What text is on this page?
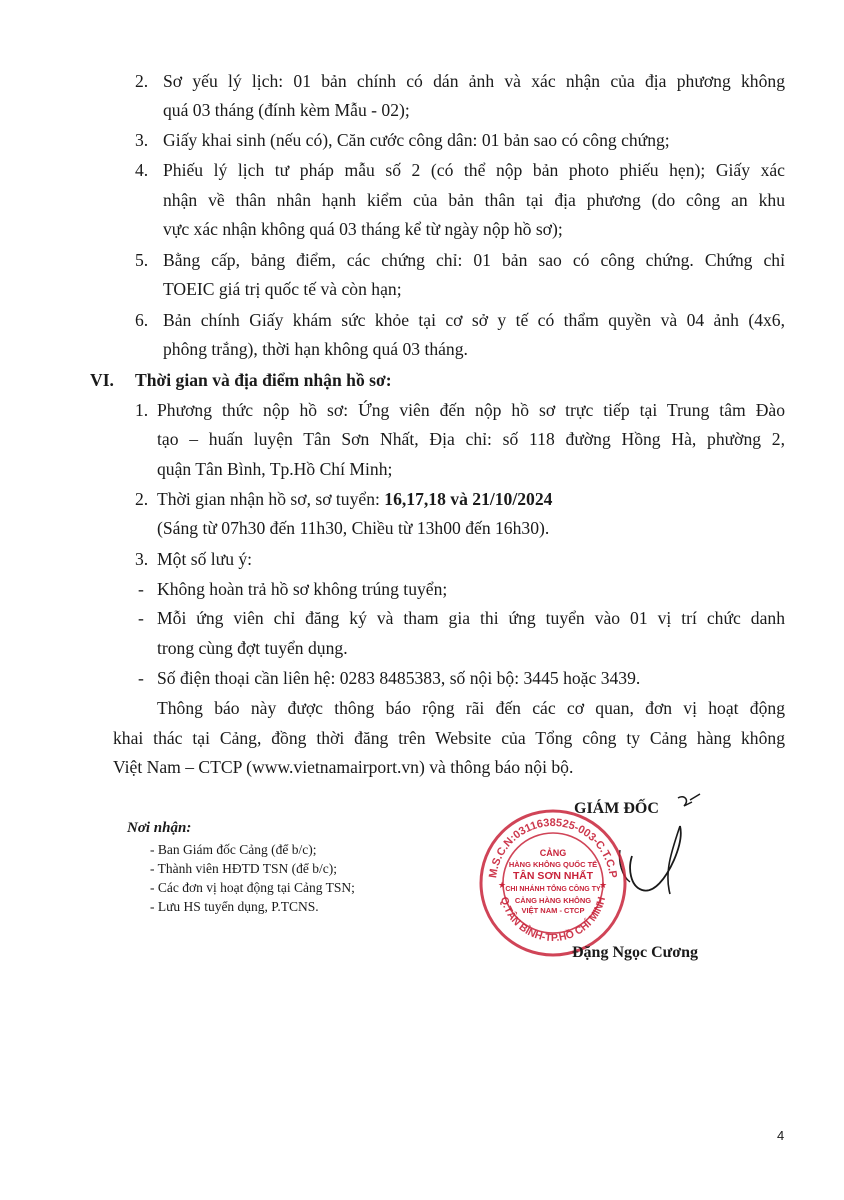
2. Sơ yếu lý lịch: 01 bản chính có dán ảnh và xác nhận của địa phương không
quá 03 tháng (đính kèm Mẫu - 02);
3. Giấy khai sinh (nếu có), Căn cước công dân: 01 bản sao có công chứng;
4. Phiếu lý lịch tư pháp mẫu số 2 (có thể nộp bản photo phiếu hẹn); Giấy xác
nhận về thân nhân hạnh kiểm của bản thân tại địa phương (do công an khu
vực xác nhận không quá 03 tháng kể từ ngày nộp hồ sơ);
5. Bằng cấp, bảng điểm, các chứng chỉ: 01 bản sao có công chứng. Chứng chỉ
TOEIC giá trị quốc tế và còn hạn;
6. Bản chính Giấy khám sức khỏe tại cơ sở y tế có thẩm quyền và 04 ảnh (4x6,
phông trắng), thời hạn không quá 03 tháng.
VI. Thời gian và địa điểm nhận hồ sơ:
1. Phương thức nộp hồ sơ: Ứng viên đến nộp hồ sơ trực tiếp tại Trung tâm Đào
tạo – huấn luyện Tân Sơn Nhất, Địa chỉ: số 118 đường Hồng Hà, phường 2,
quận Tân Bình, Tp.Hồ Chí Minh;
2. Thời gian nhận hồ sơ, sơ tuyển: 16,17,18 và 21/10/2024
(Sáng từ 07h30 đến 11h30, Chiều từ 13h00 đến 16h30).
3. Một số lưu ý:
- Không hoàn trả hồ sơ không trúng tuyển;
- Mỗi ứng viên chỉ đăng ký và tham gia thi ứng tuyển vào 01 vị trí chức danh
trong cùng đợt tuyển dụng.
- Số điện thoại cần liên hệ: 0283 8485383, số nội bộ: 3445 hoặc 3439.
Thông báo này được thông báo rộng rãi đến các cơ quan, đơn vị hoạt động
khai thác tại Cảng, đồng thời đăng trên Website của Tổng công ty Cảng hàng không
Việt Nam – CTCP (www.vietnamairport.vn) và thông báo nội bộ.
Nơi nhận:
- Ban Giám đốc Cảng (để b/c);
- Thành viên HĐTD TSN (để b/c);
- Các đơn vị hoạt động tại Cảng TSN;
- Lưu HS tuyển dụng, P.TCNS.
GIÁM ĐỐC
M.S.C.N:0311638525-003-C.T.C.P
Q.TÂN BÌNH-TP.HỒ CHÍ MINH
★	★
CẢNG
HÀNG KHÔNG QUỐC TẾ
TÂN SƠN NHẤT
CHI NHÁNH TỔNG CÔNG TY
CẢNG HÀNG KHÔNG
VIỆT NAM - CTCP
Đặng Ngọc Cương
4
